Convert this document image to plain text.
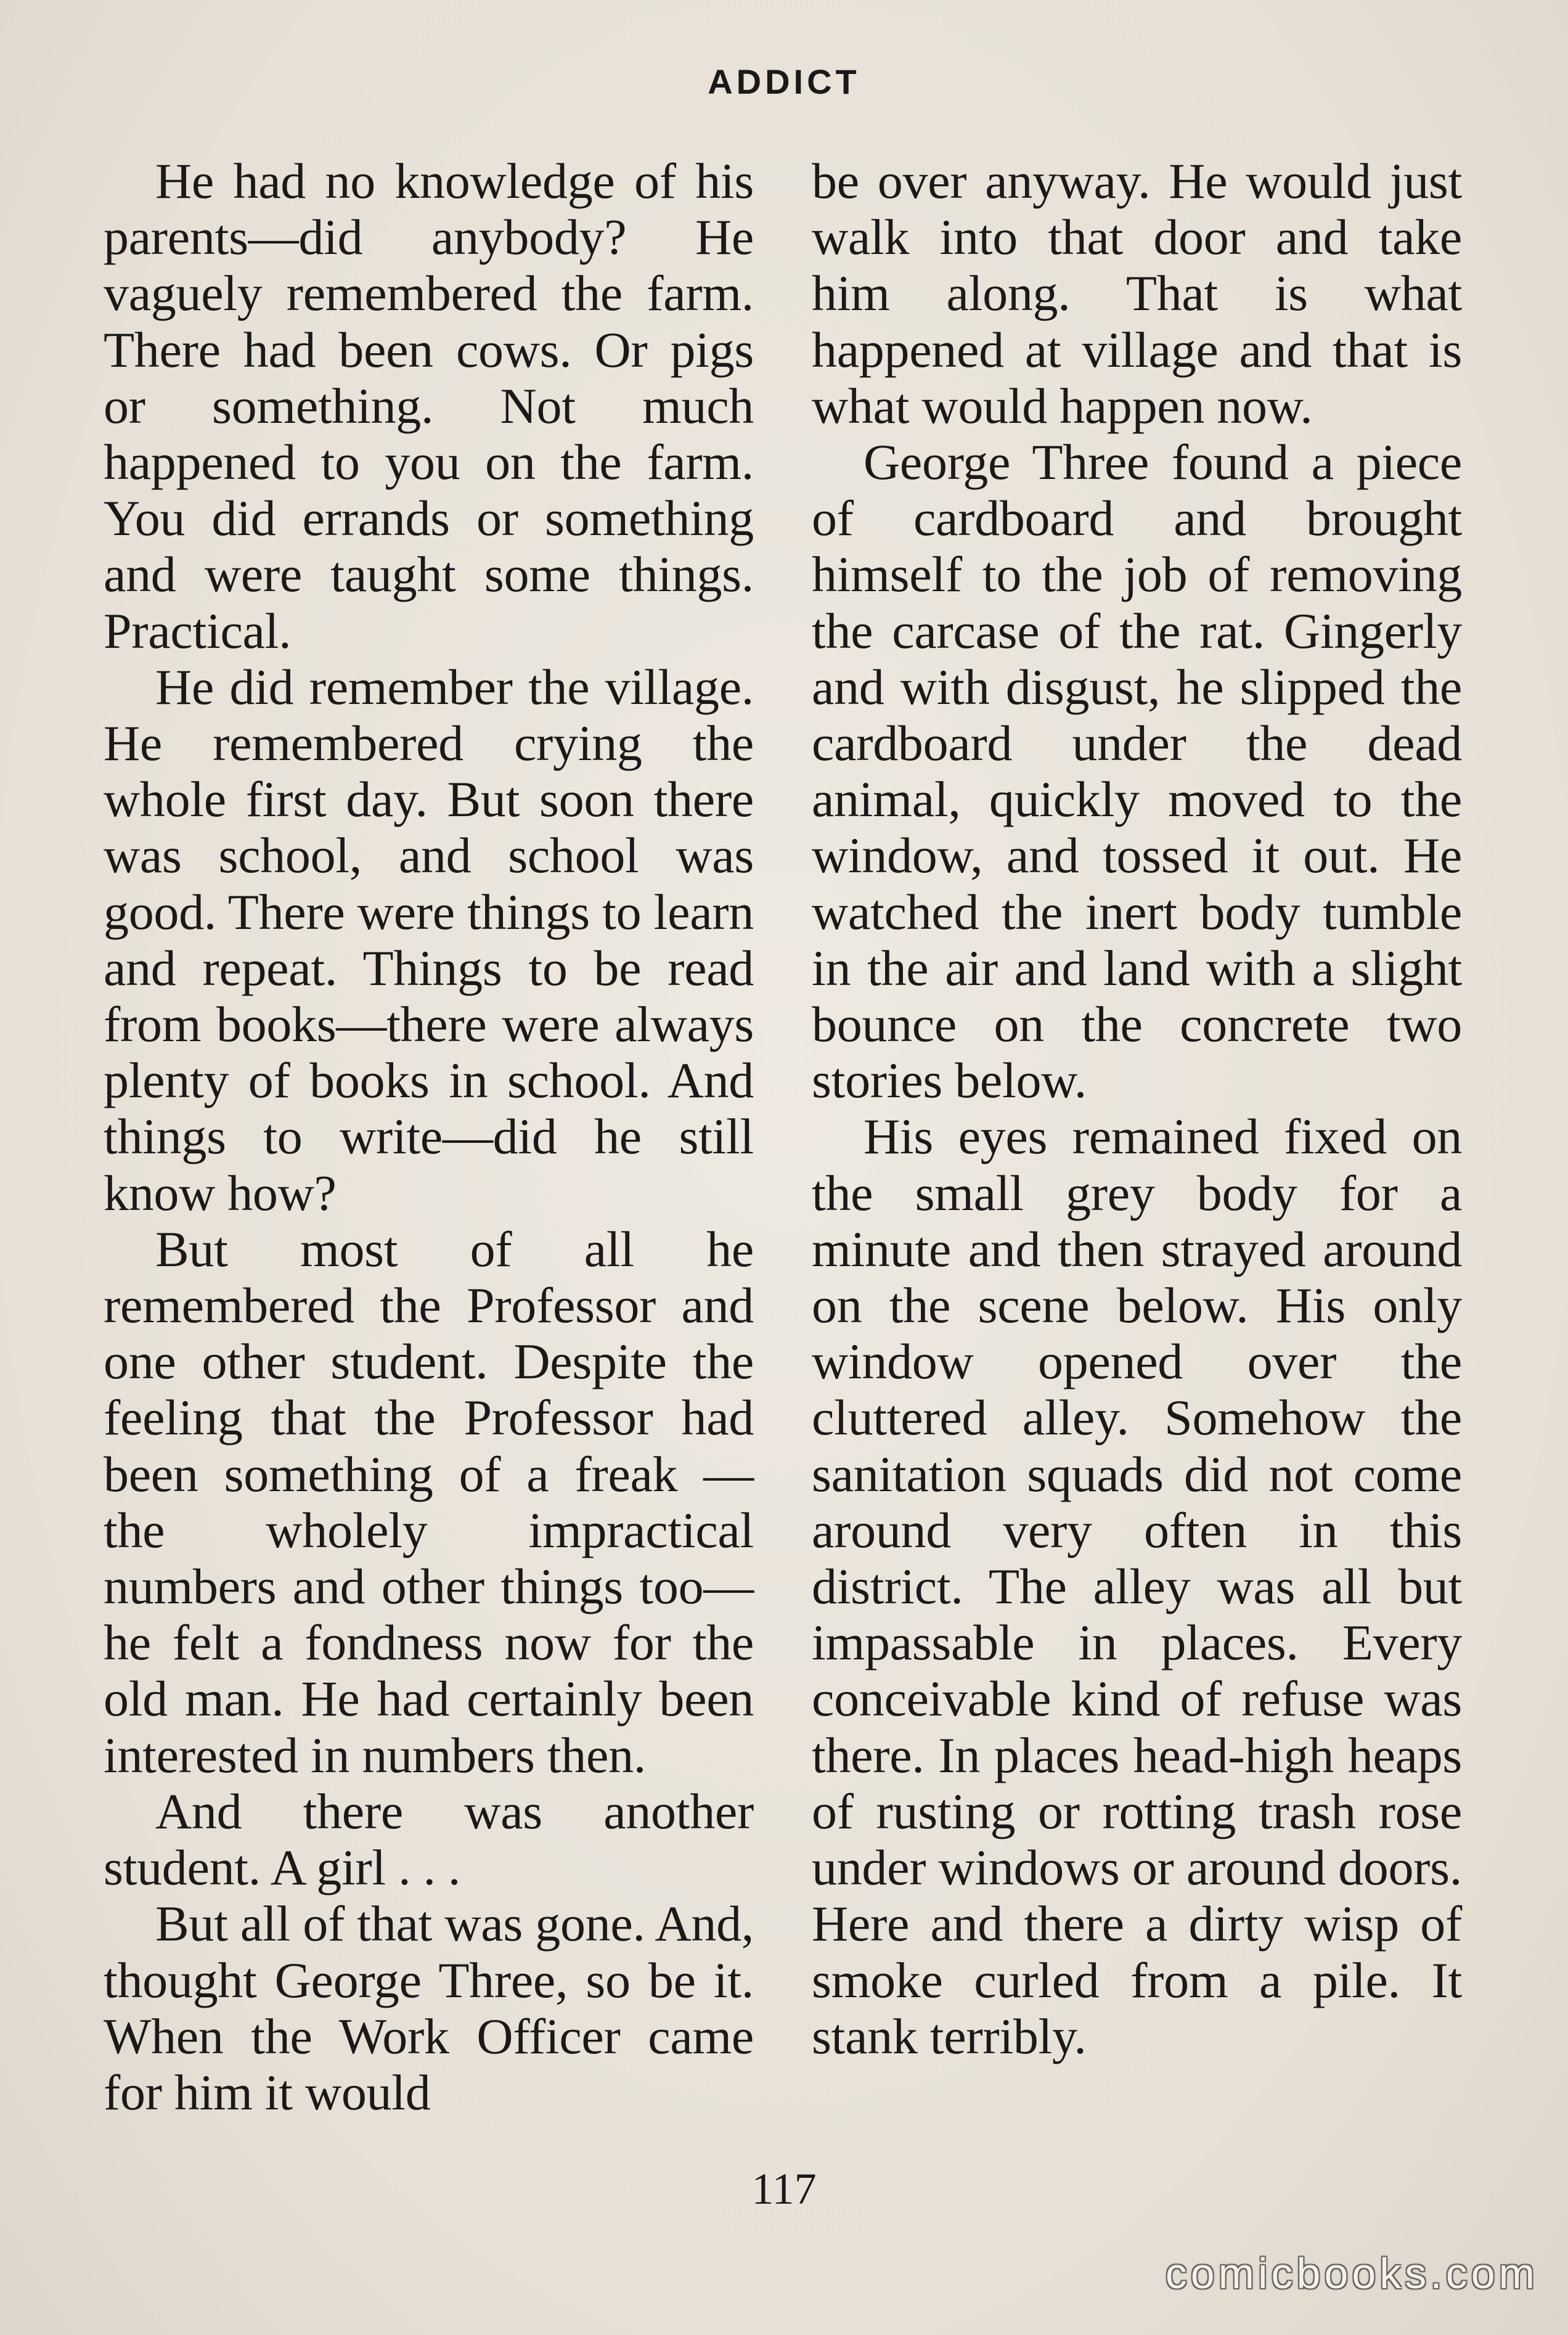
ADDICT

He had no knowledge of his parents—did anybody? He vaguely remembered the farm. There had been cows. Or pigs or something. Not much happened to you on the farm. You did errands or something and were taught some things. Practical.

He did remember the village. He remembered crying the whole first day. But soon there was school, and school was good. There were things to learn and repeat. Things to be read from books—there were always plenty of books in school. And things to write—did he still know how?

But most of all he remembered the Professor and one other student. Despite the feeling that the Professor had been something of a freak — the wholely impractical numbers and other things too—he felt a fondness now for the old man. He had certainly been interested in numbers then.

And there was another student. A girl . . .

But all of that was gone. And, thought George Three, so be it. When the Work Officer came for him it would

be over anyway. He would just walk into that door and take him along. That is what happened at village and that is what would happen now.

George Three found a piece of cardboard and brought himself to the job of removing the carcase of the rat. Gingerly and with disgust, he slipped the cardboard under the dead animal, quickly moved to the window, and tossed it out. He watched the inert body tumble in the air and land with a slight bounce on the concrete two stories below.

His eyes remained fixed on the small grey body for a minute and then strayed around on the scene below. His only window opened over the cluttered alley. Somehow the sanitation squads did not come around very often in this district. The alley was all but impassable in places. Every conceivable kind of refuse was there. In places head-high heaps of rusting or rotting trash rose under windows or around doors. Here and there a dirty wisp of smoke curled from a pile. It stank terribly.

117
comicbooks.com
